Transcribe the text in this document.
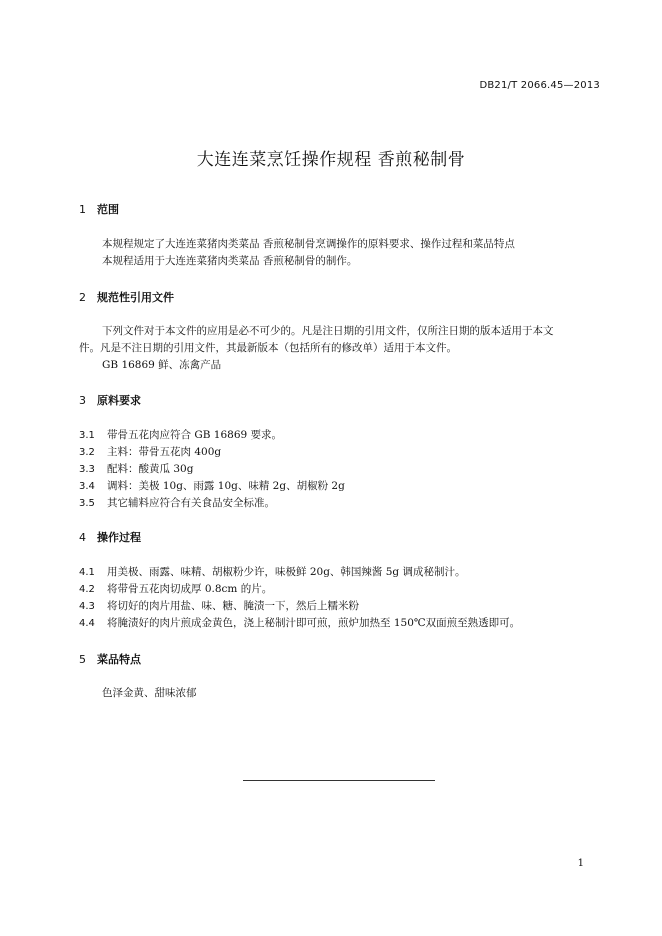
DB21/T 2066.45—2013
大连连菜烹饪操作规程 香煎秘制骨
1 范围
本规程规定了大连连菜猪肉类菜品 香煎秘制骨烹调操作的原料要求、操作过程和菜品特点
本规程适用于大连连菜猪肉类菜品 香煎秘制骨的制作。
2 规范性引用文件
下列文件对于本文件的应用是必不可少的。凡是注日期的引用文件，仅所注日期的版本适用于本文
件。凡是不注日期的引用文件，其最新版本（包括所有的修改单）适用于本文件。
GB 16869 鲜、冻禽产品
3 原料要求
3.1 带骨五花肉应符合 GB 16869 要求。
3.2 主料：带骨五花肉 400g
3.3 配料：酸黄瓜 30g
3.4 调料：美极 10g、雨露 10g、味精 2g、胡椒粉 2g
3.5 其它辅料应符合有关食品安全标准。
4 操作过程
4.1 用美极、雨露、味精、胡椒粉少许，味极鲜 20g、韩国辣酱 5g 调成秘制汁。
4.2 将带骨五花肉切成厚 0.8cm 的片。
4.3 将切好的肉片用盐、味、糖、腌渍一下，然后上糯米粉
4.4 将腌渍好的肉片煎成金黄色，浇上秘制汁即可煎，煎炉加热至 150℃双面煎至熟透即可。
5 菜品特点
色泽金黄、甜味浓郁
1
